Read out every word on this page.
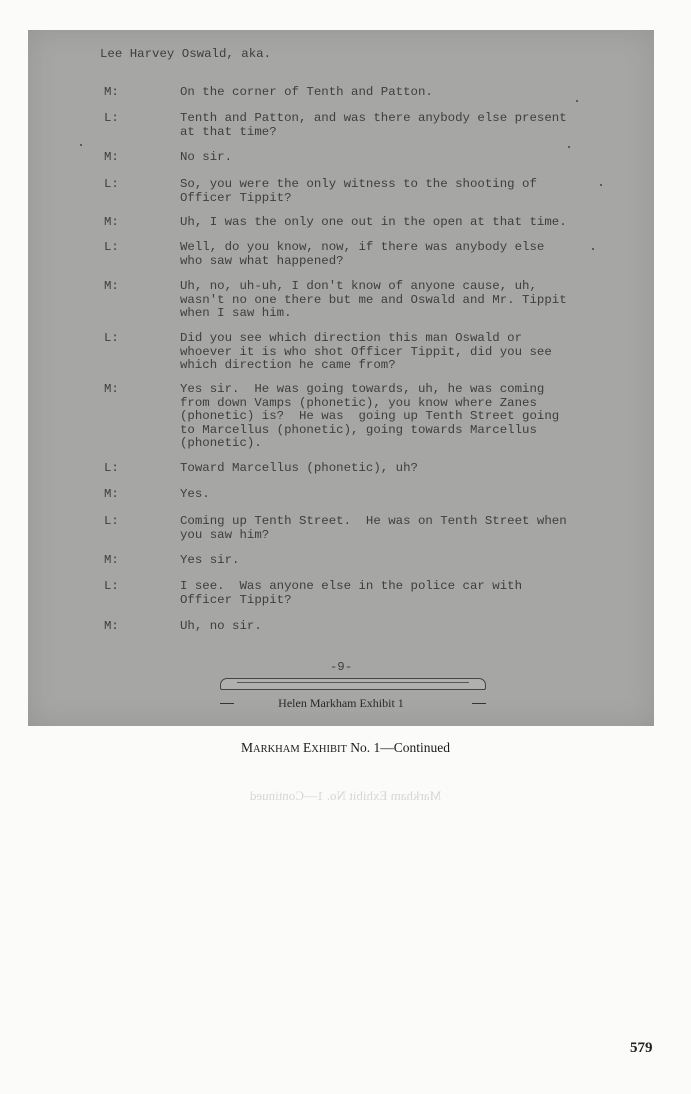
Lee Harvey Oswald, aka.
M:	On the corner of Tenth and Patton.
L:	Tenth and Patton, and was there anybody else present
at that time?
M:	No sir.
L:	So, you were the only witness to the shooting of
Officer Tippit?
M:	Uh, I was the only one out in the open at that time.
L:	Well, do you know, now, if there was anybody else
who saw what happened?
M:	Uh, no, uh-uh, I don't know of anyone cause, uh,
wasn't no one there but me and Oswald and Mr. Tippit
when I saw him.
L:	Did you see which direction this man Oswald or
whoever it is who shot Officer Tippit, did you see
which direction he came from?
M:	Yes sir.  He was going towards, uh, he was coming
from down Vamps (phonetic), you know where Zanes
(phonetic) is?  He was  going up Tenth Street going
to Marcellus (phonetic), going towards Marcellus
(phonetic).
L:	Toward Marcellus (phonetic), uh?
M:	Yes.
L:	Coming up Tenth Street.  He was on Tenth Street when
you saw him?
M:	Yes sir.
L:	I see.  Was anyone else in the police car with
Officer Tippit?
M:	Uh, no sir.
-9-
Helen Markham Exhibit 1
MARKHAM EXHIBIT No. 1—Continued
Markham Exhibit No. 1—Continued
579
